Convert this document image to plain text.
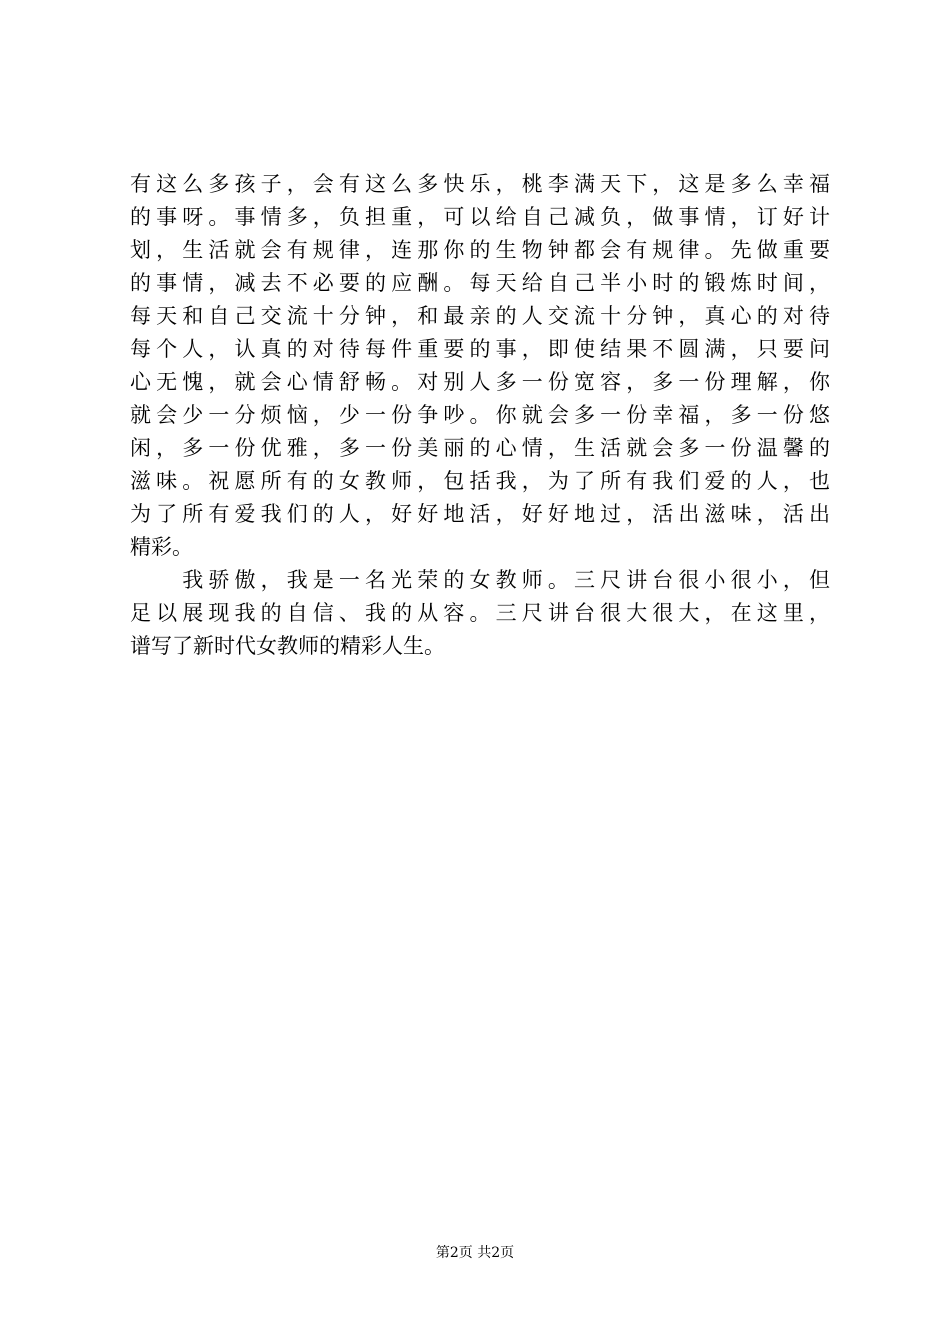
有这么多孩子，会有这么多快乐，桃李满天下，这是多么幸福
的事呀。事情多，负担重，可以给自己减负，做事情，订好计
划，生活就会有规律，连那你的生物钟都会有规律。先做重要
的事情，减去不必要的应酬。每天给自己半小时的锻炼时间，
每天和自己交流十分钟，和最亲的人交流十分钟，真心的对待
每个人，认真的对待每件重要的事，即使结果不圆满，只要问
心无愧，就会心情舒畅。对别人多一份宽容，多一份理解，你
就会少一分烦恼，少一份争吵。你就会多一份幸福，多一份悠
闲，多一份优雅，多一份美丽的心情，生活就会多一份温馨的
滋味。祝愿所有的女教师，包括我，为了所有我们爱的人，也
为了所有爱我们的人，好好地活，好好地过，活出滋味，活出
精彩。
　　我骄傲，我是一名光荣的女教师。三尺讲台很小很小，但
足以展现我的自信、我的从容。三尺讲台很大很大，在这里，
谱写了新时代女教师的精彩人生。
第2页 共2页
